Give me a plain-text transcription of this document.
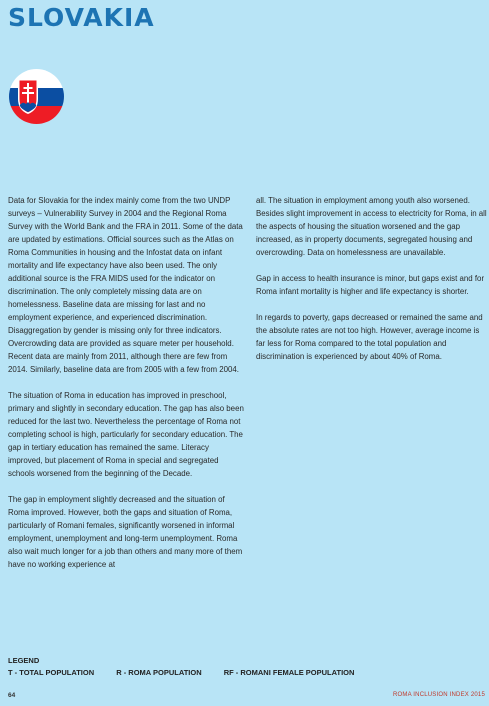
SLOVAKIA

Data for Slovakia for the index mainly come from the two UNDP surveys – Vulnerability Survey in 2004 and the Regional Roma Survey with the World Bank and the FRA in 2011. Some of the data are updated by estimations. Official sources such as the Atlas on Roma Communities in housing and the Infostat data on infant mortality and life expectancy have also been used. The only additional source is the FRA MIDS used for the indicator on discrimination. The only completely missing data are on homelessness. Baseline data are missing for last and no employment experience, and experienced discrimination. Disaggregation by gender is missing only for three indicators. Overcrowding data are provided as square meter per household. Recent data are mainly from 2011, although there are few from 2014. Similarly, baseline data are from 2005 with a few from 2004.

The situation of Roma in education has improved in preschool, primary and slightly in secondary education. The gap has also been reduced for the last two. Nevertheless the percentage of Roma not completing school is high, particularly for secondary education. The gap in tertiary education has remained the same. Literacy improved, but placement of Roma in special and segregated schools worsened from the beginning of the Decade.

The gap in employment slightly decreased and the situation of Roma improved. However, both the gaps and situation of Roma, particularly of Romani females, significantly worsened in informal employment, unemployment and long-term unemployment. Roma also wait much longer for a job than others and many more of them have no working experience at

all. The situation in employment among youth also worsened. Besides slight improvement in access to electricity for Roma, in all the aspects of housing the situation worsened and the gap increased, as in property documents, segregated housing and overcrowding. Data on homelessness are unavailable.

Gap in access to health insurance is minor, but gaps exist and for Roma infant mortality is higher and life expectancy is shorter.

In regards to poverty, gaps decreased or remained the same and the absolute rates are not too high. However, average income is far less for Roma compared to the total population and discrimination is experienced by about 40% of Roma.

LEGEND
T - TOTAL POPULATION	R - ROMA POPULATION	RF - ROMANI FEMALE POPULATION
64	ROMA INCLUSION INDEX 2015
